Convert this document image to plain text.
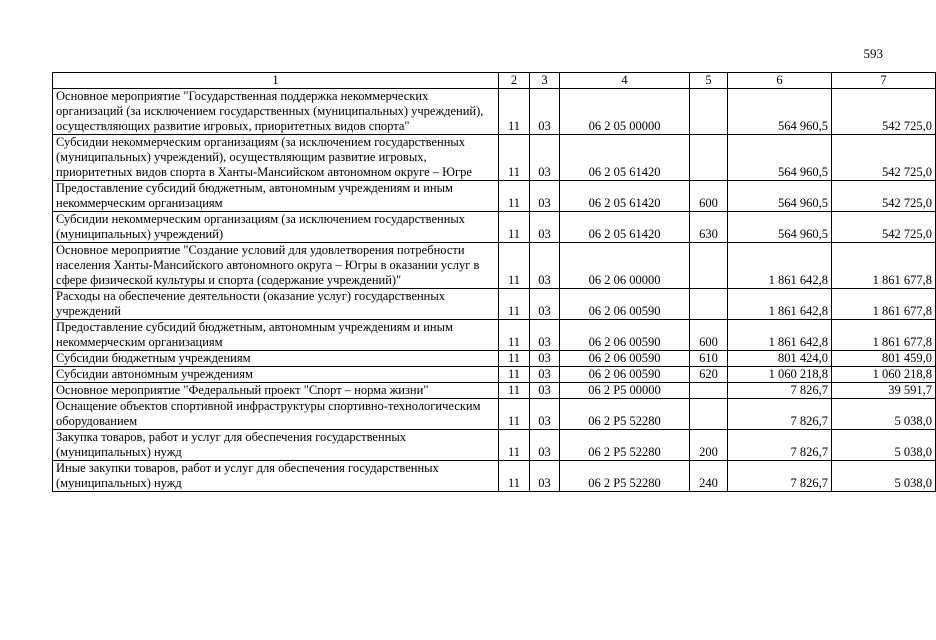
593
1	2	3	4	5	6	7
Основное мероприятие "Государственная поддержка некоммерческих организаций (за исключением государственных (муниципальных) учреждений), осуществляющих развитие игровых, приоритетных видов спорта"	11	03	06 2 05 00000		564 960,5	542 725,0
Субсидии некоммерческим организациям (за исключением государственных (муниципальных) учреждений), осуществляющим развитие игровых, приоритетных видов спорта в Ханты-Мансийском автономном округе – Югре	11	03	06 2 05 61420		564 960,5	542 725,0
Предоставление субсидий бюджетным, автономным учреждениям и иным некоммерческим организациям	11	03	06 2 05 61420	600	564 960,5	542 725,0
Субсидии некоммерческим организациям (за исключением государственных (муниципальных) учреждений)	11	03	06 2 05 61420	630	564 960,5	542 725,0
Основное мероприятие "Создание условий для удовлетворения потребности населения Ханты-Мансийского автономного округа – Югры в оказании услуг в сфере физической культуры и спорта (содержание учреждений)"	11	03	06 2 06 00000		1 861 642,8	1 861 677,8
Расходы на обеспечение деятельности (оказание услуг) государственных учреждений	11	03	06 2 06 00590		1 861 642,8	1 861 677,8
Предоставление субсидий бюджетным, автономным учреждениям и иным некоммерческим организациям	11	03	06 2 06 00590	600	1 861 642,8	1 861 677,8
Субсидии бюджетным учреждениям	11	03	06 2 06 00590	610	801 424,0	801 459,0
Субсидии автономным учреждениям	11	03	06 2 06 00590	620	1 060 218,8	1 060 218,8
Основное мероприятие "Федеральный проект "Спорт – норма жизни"	11	03	06 2 P5 00000		7 826,7	39 591,7
Оснащение объектов спортивной инфраструктуры спортивно-технологическим оборудованием	11	03	06 2 P5 52280		7 826,7	5 038,0
Закупка товаров, работ и услуг для обеспечения государственных (муниципальных) нужд	11	03	06 2 P5 52280	200	7 826,7	5 038,0
Иные закупки товаров, работ и услуг для обеспечения государственных (муниципальных) нужд	11	03	06 2 P5 52280	240	7 826,7	5 038,0
